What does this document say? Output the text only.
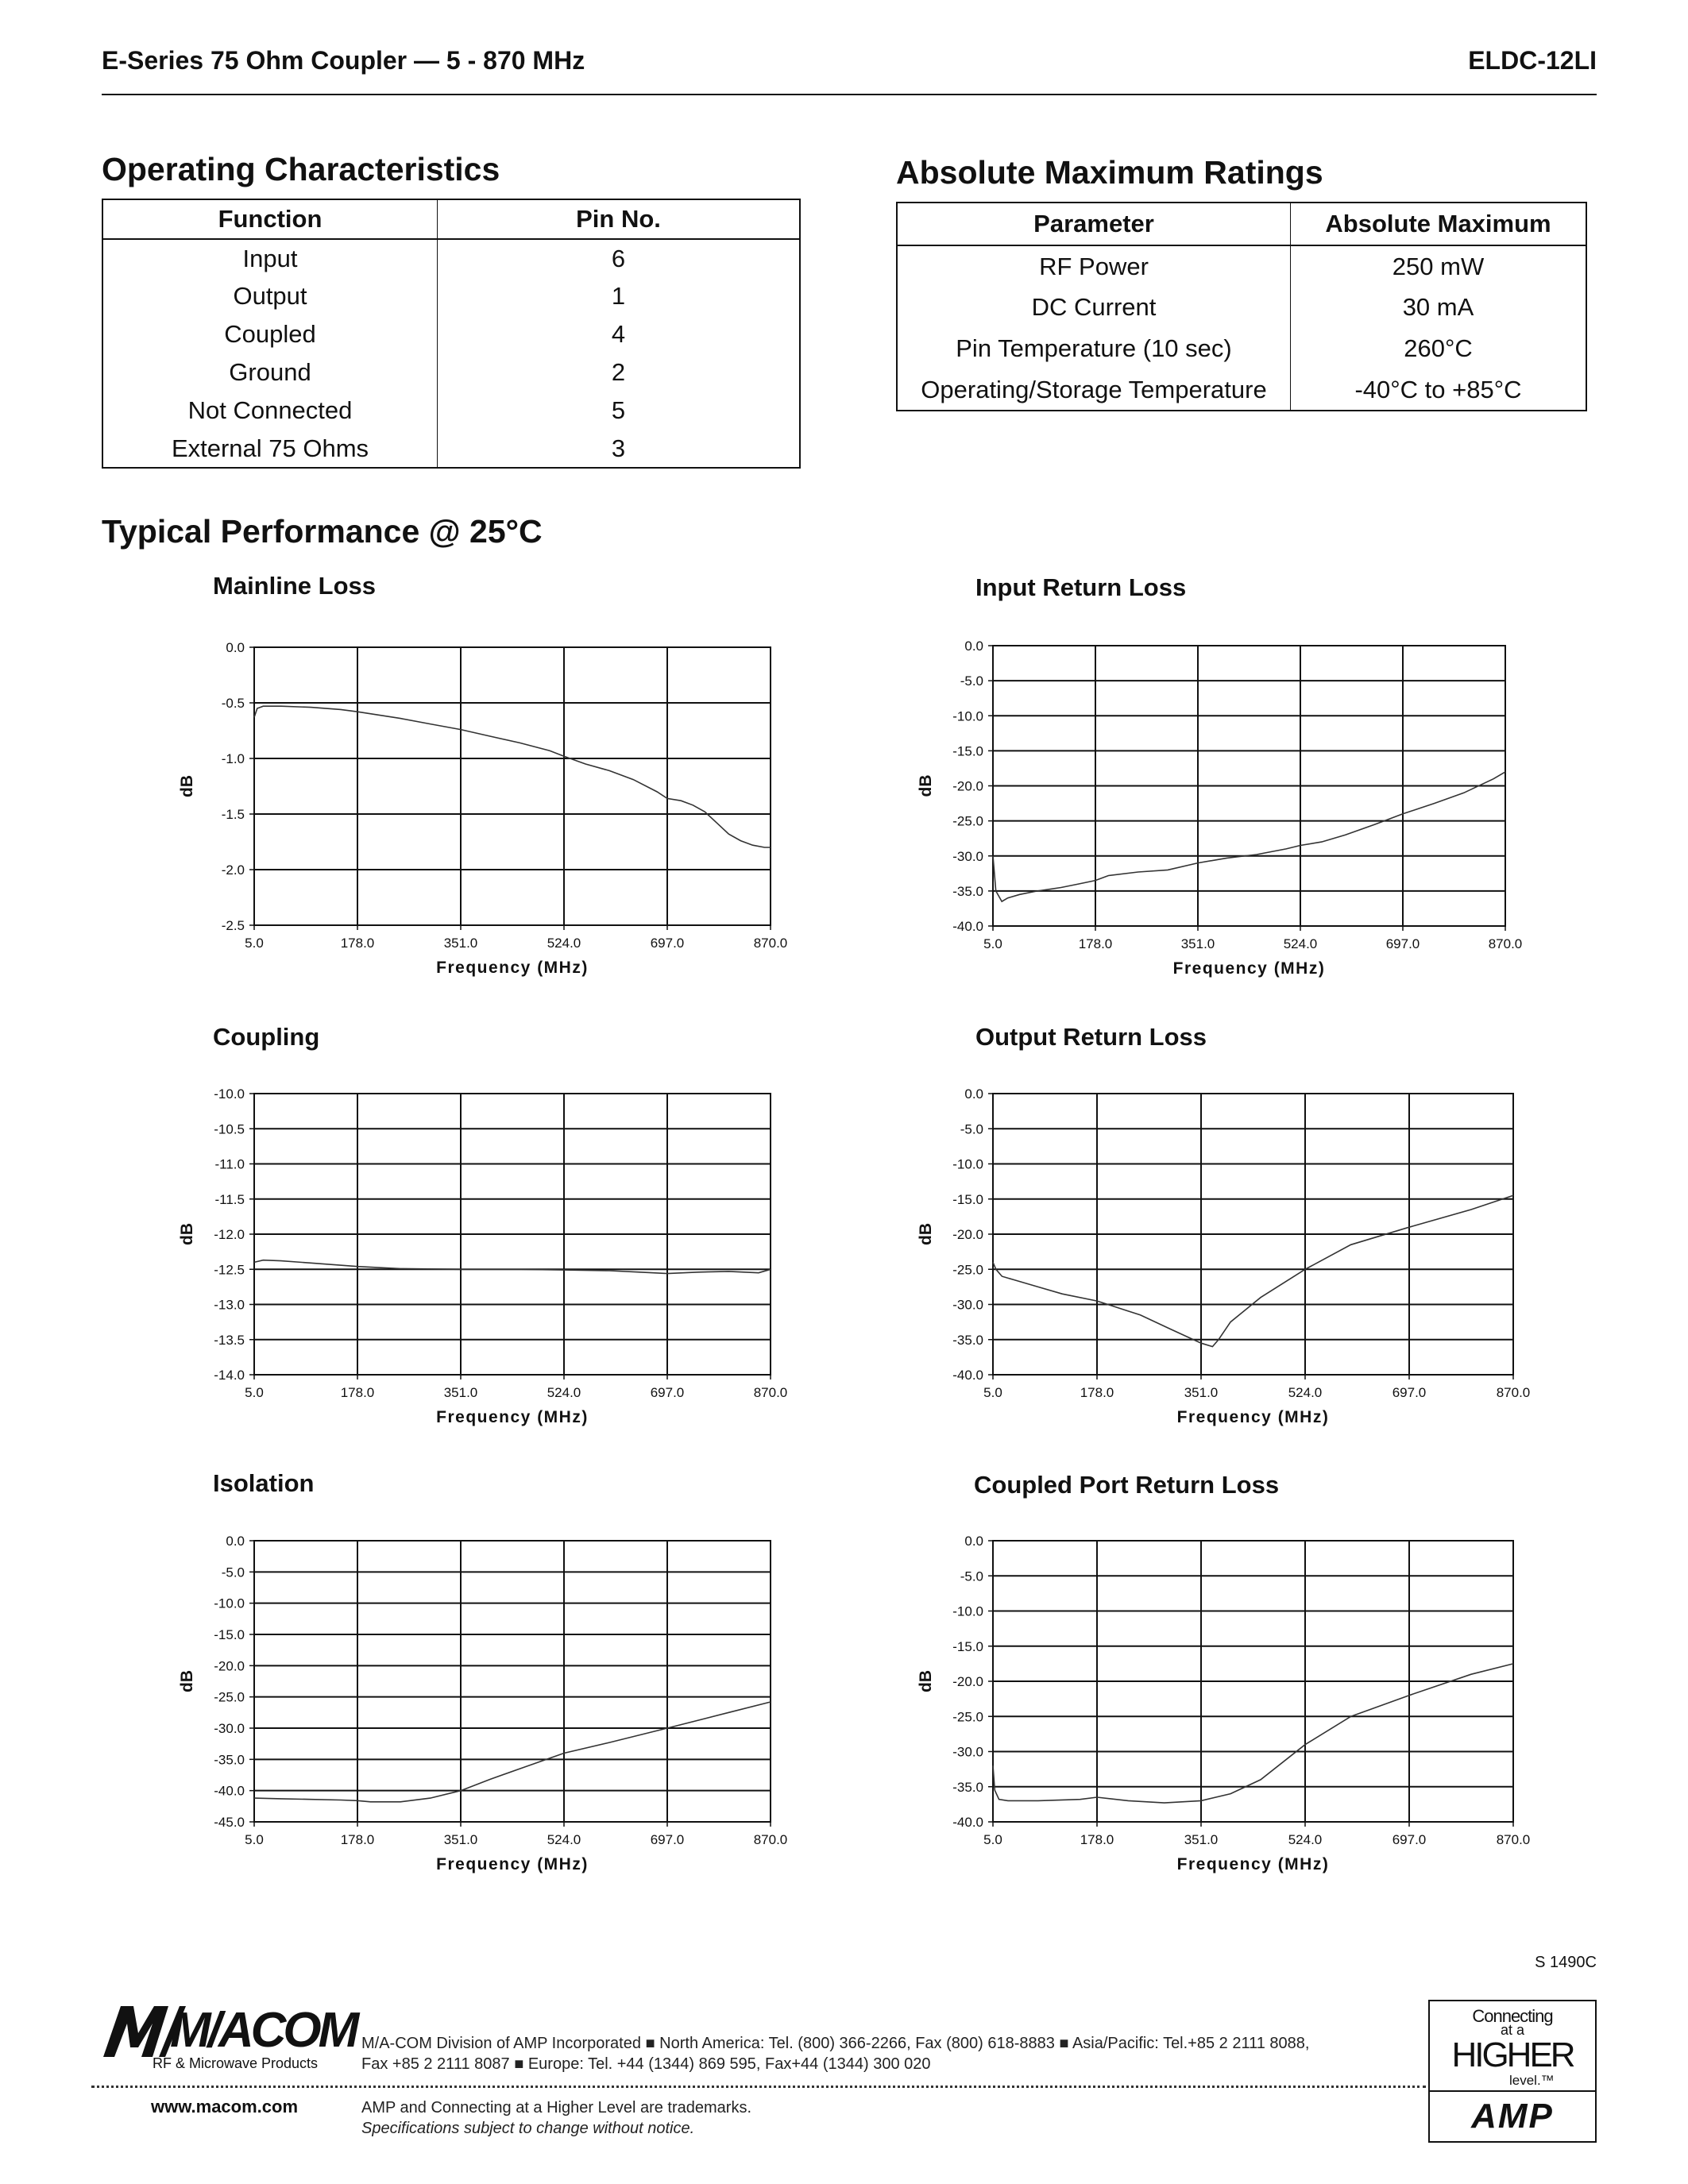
E-Series 75 Ohm Coupler — 5 - 870 MHz	ELDC-12LI
Operating Characteristics
Function	Pin No.
Input	6
Output	1
Coupled	4
Ground	2
Not Connected	5
External 75 Ohms	3
Absolute Maximum Ratings
Parameter	Absolute Maximum
RF Power	250 mW
DC Current	30 mA
Pin Temperature (10 sec)	260°C
Operating/Storage Temperature	-40°C to +85°C
Typical Performance @ 25°C
Mainline Loss	Input Return Loss
Coupling	Output Return Loss
Isolation	Coupled Port Return Loss
5.0	178.0	351.0	524.0	697.0	870.0
0.0
-0.5
-1.0
-1.5
-2.0
-2.5
Frequency (MHz)
dB
5.0	178.0	351.0	524.0	697.0	870.0
0.0
-5.0
-10.0
-15.0
-20.0
-25.0
-30.0
-35.0
-40.0
Frequency (MHz)
dB
5.0	178.0	351.0	524.0	697.0	870.0
-10.0
-10.5
-11.0
-11.5
-12.0
-12.5
-13.0
-13.5
-14.0
Frequency (MHz)
dB
5.0	178.0	351.0	524.0	697.0	870.0
0.0
-5.0
-10.0
-15.0
-20.0
-25.0
-30.0
-35.0
-40.0
Frequency (MHz)
dB
5.0	178.0	351.0	524.0	697.0	870.0
0.0
-5.0
-10.0
-15.0
-20.0
-25.0
-30.0
-35.0
-40.0
-45.0
Frequency (MHz)
dB
5.0	178.0	351.0	524.0	697.0	870.0
0.0
-5.0
-10.0
-15.0
-20.0
-25.0
-30.0
-35.0
-40.0
Frequency (MHz)
dB
S 1490C
M/ACOM
RF & Microwave Products
M/A-COM Division of AMP Incorporated ■ North America: Tel. (800) 366-2266, Fax (800) 618-8883 ■ Asia/Pacific: Tel.+85 2 2111 8088,
Fax +85 2 2111 8087 ■ Europe: Tel. +44 (1344) 869 595, Fax+44 (1344) 300 020
www.macom.com	AMP and Connecting at a Higher Level are trademarks.
Specifications subject to change without notice.
Connecting
at a
HIGHER
level.™
AMP
